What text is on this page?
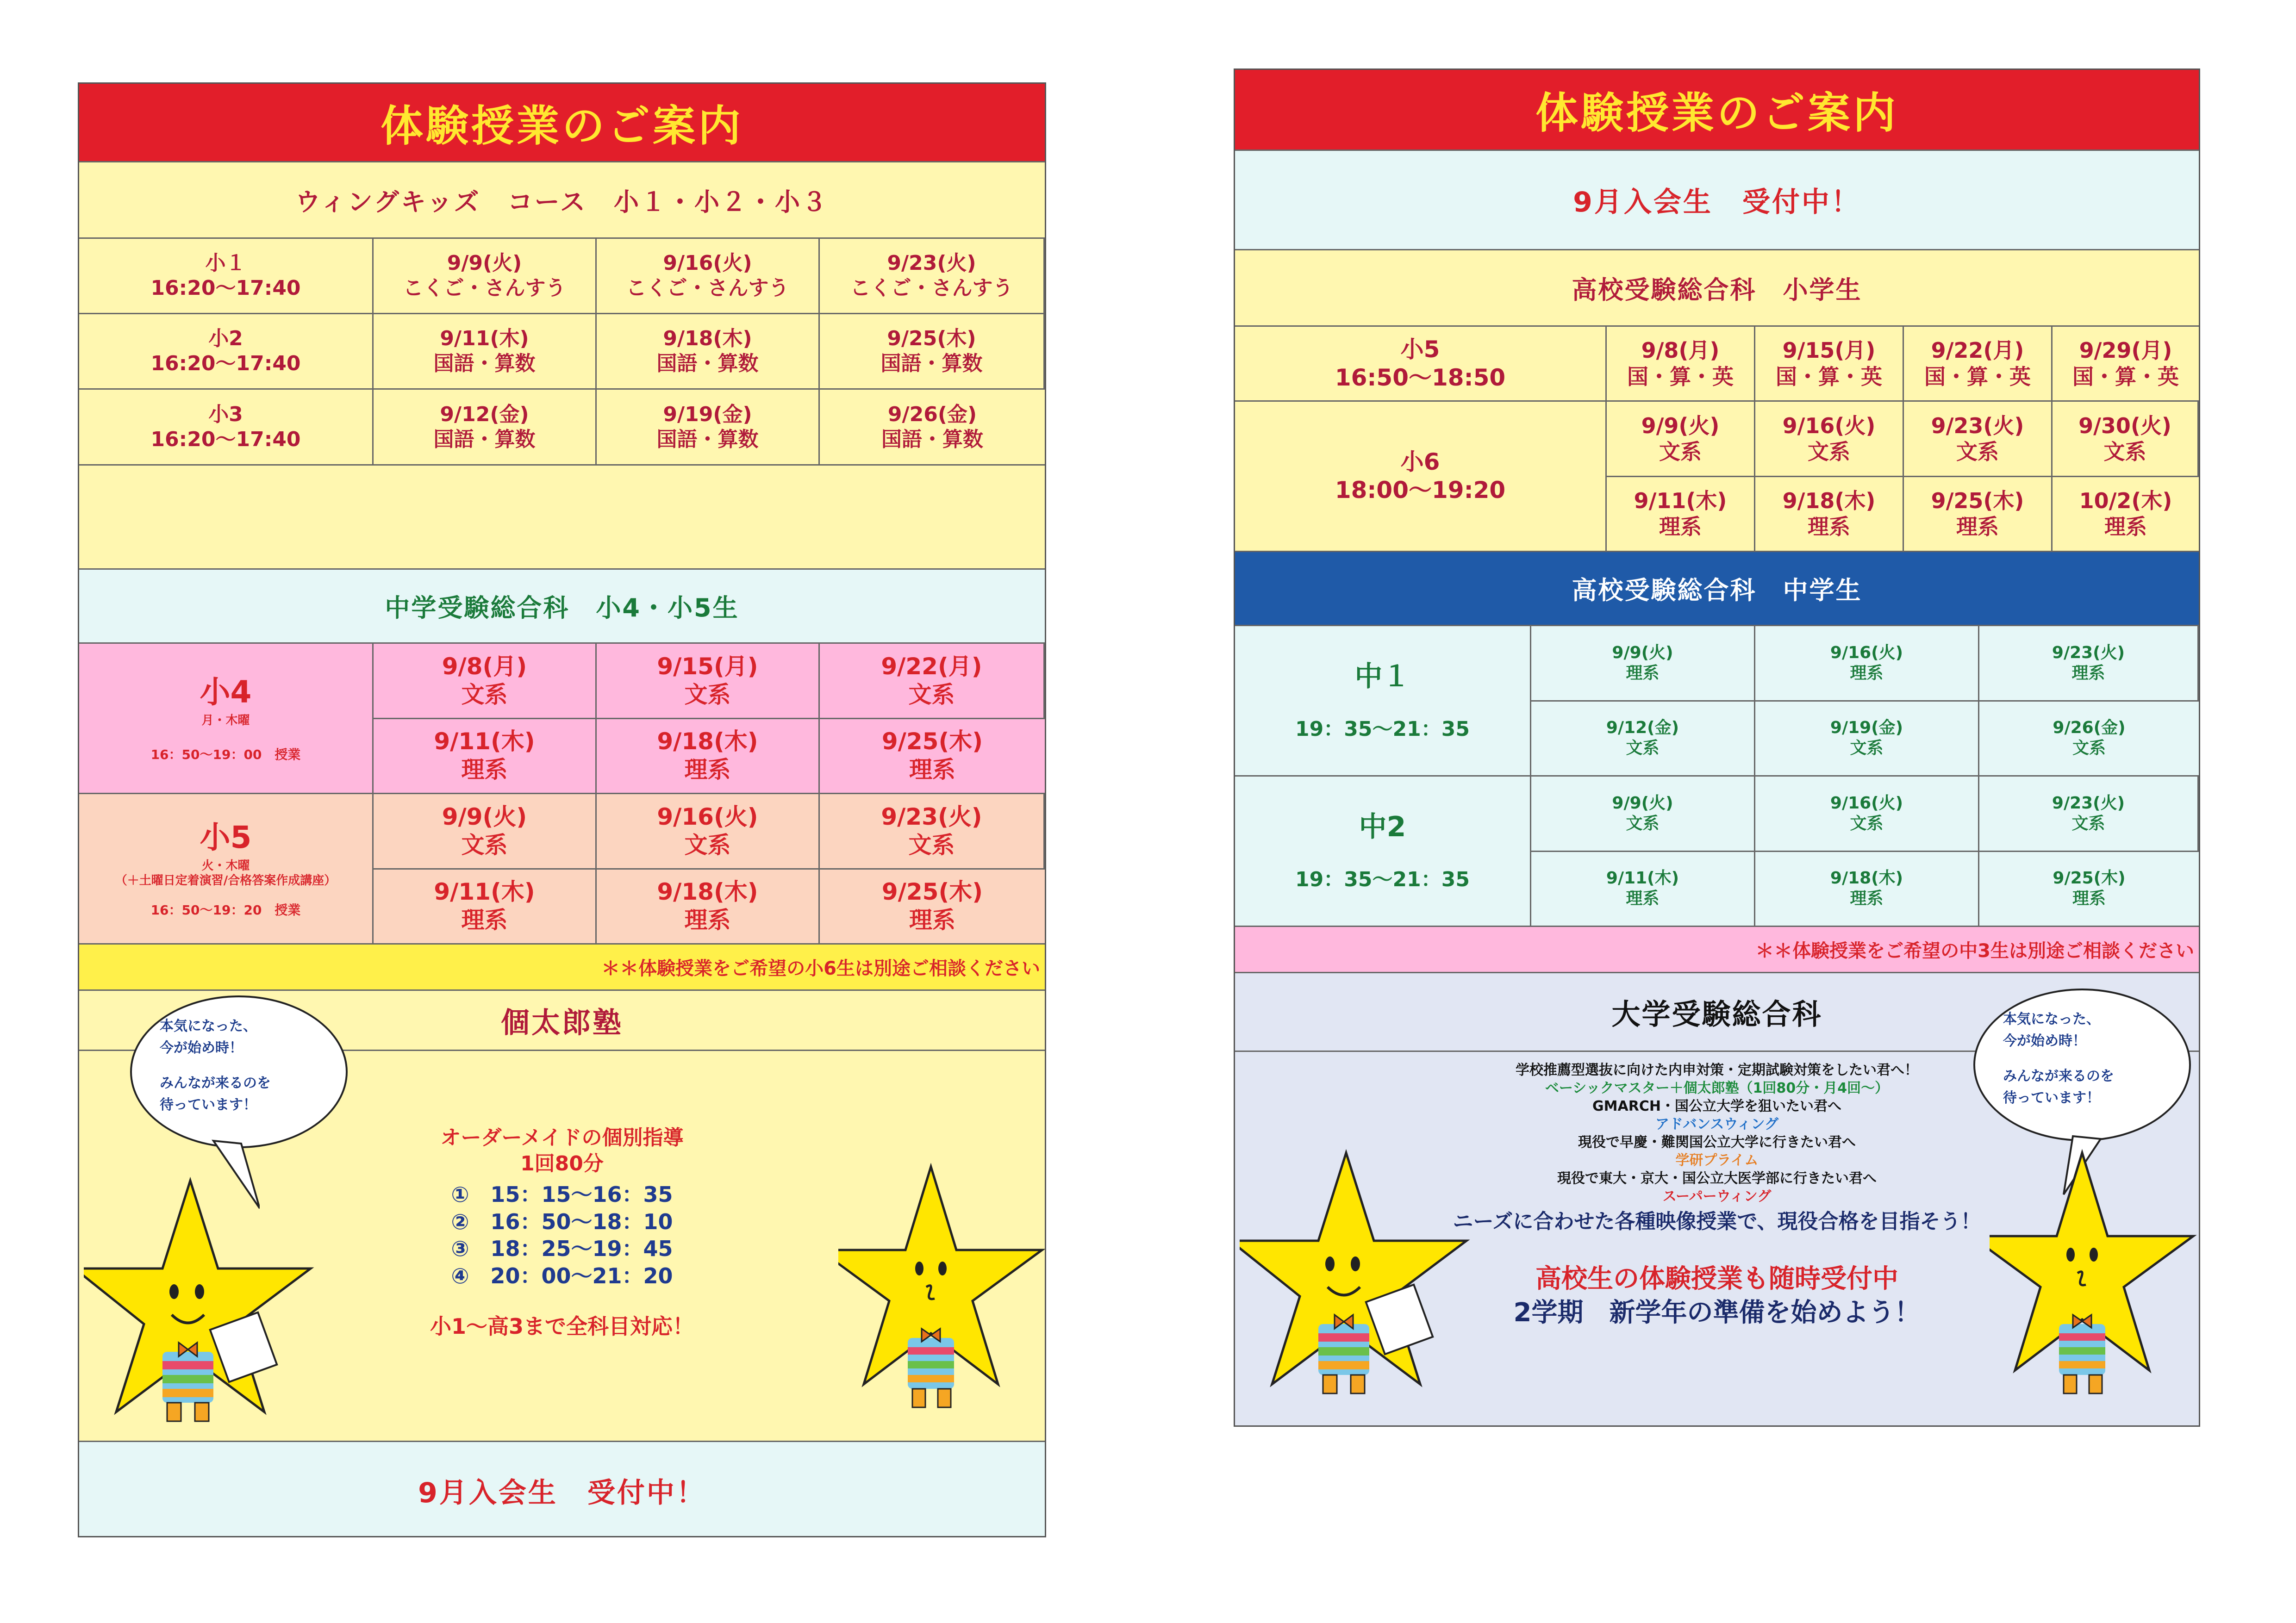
体験授業のご案内
ウィングキッズ　コース　小１・小２・小３
小１
16:20〜17:40
9/9(火)
こくご・さんすう
9/16(火)
こくご・さんすう
9/23(火)
こくご・さんすう
小2
16:20〜17:40
9/11(木)
国語・算数
9/18(木)
国語・算数
9/25(木)
国語・算数
小3
16:20〜17:40
9/12(金)
国語・算数
9/19(金)
国語・算数
9/26(金)
国語・算数
中学受験総合科　小4・小5生
小4
月・木曜
16：50〜19：00　授業
9/8(月)
文系
9/15(月)
文系
9/22(月)
文系
9/11(木)
理系
9/18(木)
理系
9/25(木)
理系
小5
火・木曜
（＋土曜日定着演習/合格答案作成講座）
16：50〜19：20　授業
9/9(火)
文系
9/16(火)
文系
9/23(火)
文系
9/11(木)
理系
9/18(木)
理系
9/25(木)
理系
＊＊体験授業をご希望の小6生は別途ご相談ください
個太郎塾
オーダーメイドの個別指導
1回80分
①　15：15〜16：35
②　16：50〜18：10
③　18：25〜19：45
④　20：00〜21：20
小1〜高3まで全科目対応！
本気になった、
今が始め時！
みんなが来るのを
待っています！
9月入会生　受付中！
体験授業のご案内
9月入会生　受付中！
高校受験総合科　小学生
小5
16:50〜18:50
9/8(月)
国・算・英
9/15(月)
国・算・英
9/22(月)
国・算・英
9/29(月)
国・算・英
小6
18:00〜19:20
9/9(火)
文系
9/16(火)
文系
9/23(火)
文系
9/30(火)
文系
9/11(木)
理系
9/18(木)
理系
9/25(木)
理系
10/2(木)
理系
高校受験総合科　中学生
中１
19：35〜21：35
9/9(火)
理系
9/16(火)
理系
9/23(火)
理系
9/12(金)
文系
9/19(金)
文系
9/26(金)
文系
中2
19：35〜21：35
9/9(火)
文系
9/16(火)
文系
9/23(火)
文系
9/11(木)
理系
9/18(木)
理系
9/25(木)
理系
＊＊体験授業をご希望の中3生は別途ご相談ください
大学受験総合科
学校推薦型選抜に向けた内申対策・定期試験対策をしたい君へ！
ベーシックマスター＋個太郎塾（1回80分・月4回〜）
GMARCH・国公立大学を狙いたい君へ
アドバンスウィング
現役で早慶・難関国公立大学に行きたい君へ
学研プライム
現役で東大・京大・国公立大医学部に行きたい君へ
スーパーウィング
ニーズに合わせた各種映像授業で、現役合格を目指そう！
高校生の体験授業も随時受付中
2学期　新学年の準備を始めよう！
本気になった、
今が始め時！
みんなが来るのを
待っています！
